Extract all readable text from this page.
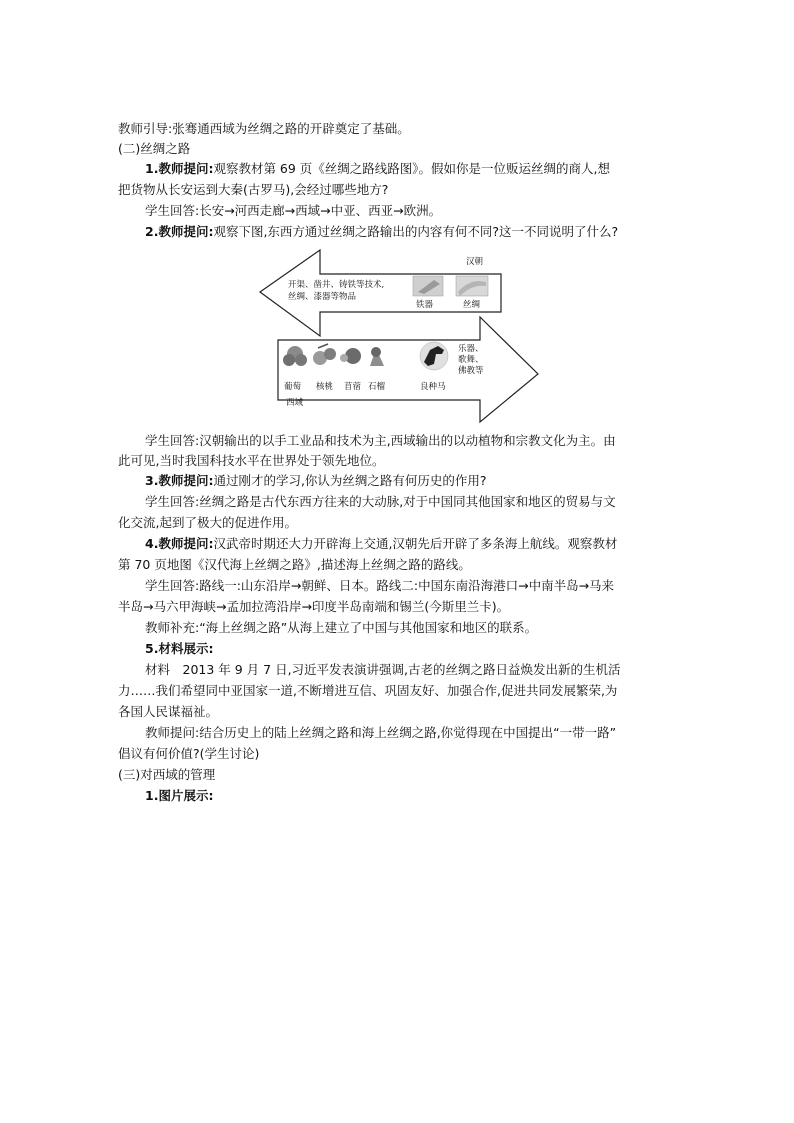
教师引导:张骞通西域为丝绸之路的开辟奠定了基础。
(二)丝绸之路
1.教师提问:观察教材第 69 页《丝绸之路线路图》。假如你是一位贩运丝绸的商人,想
把货物从长安运到大秦(古罗马),会经过哪些地方?
学生回答:长安→河西走廊→西域→中亚、西亚→欧洲。
2.教师提问:观察下图,东西方通过丝绸之路输出的内容有何不同?这一不同说明了什么?
汉朝
开渠、凿井、铸铁等技术,
丝绸、漆器等物品
铁器	丝绸
葡萄 核桃 苜蓿 石榴	良种马
乐器、
歌舞、
佛教等
西域
学生回答:汉朝输出的以手工业品和技术为主,西域输出的以动植物和宗教文化为主。由
此可见,当时我国科技水平在世界处于领先地位。
3.教师提问:通过刚才的学习,你认为丝绸之路有何历史的作用?
学生回答:丝绸之路是古代东西方往来的大动脉,对于中国同其他国家和地区的贸易与文
化交流,起到了极大的促进作用。
4.教师提问:汉武帝时期还大力开辟海上交通,汉朝先后开辟了多条海上航线。观察教材
第 70 页地图《汉代海上丝绸之路》,描述海上丝绸之路的路线。
学生回答:路线一:山东沿岸→朝鲜、日本。路线二:中国东南沿海港口→中南半岛→马来
半岛→马六甲海峡→孟加拉湾沿岸→印度半岛南端和锡兰(今斯里兰卡)。
教师补充:“海上丝绸之路”从海上建立了中国与其他国家和地区的联系。
5.材料展示:
材料　2013 年 9 月 7 日,习近平发表演讲强调,古老的丝绸之路日益焕发出新的生机活
力……我们希望同中亚国家一道,不断增进互信、巩固友好、加强合作,促进共同发展繁荣,为
各国人民谋福祉。
教师提问:结合历史上的陆上丝绸之路和海上丝绸之路,你觉得现在中国提出“一带一路”
倡议有何价值?(学生讨论)
(三)对西域的管理
1.图片展示:
